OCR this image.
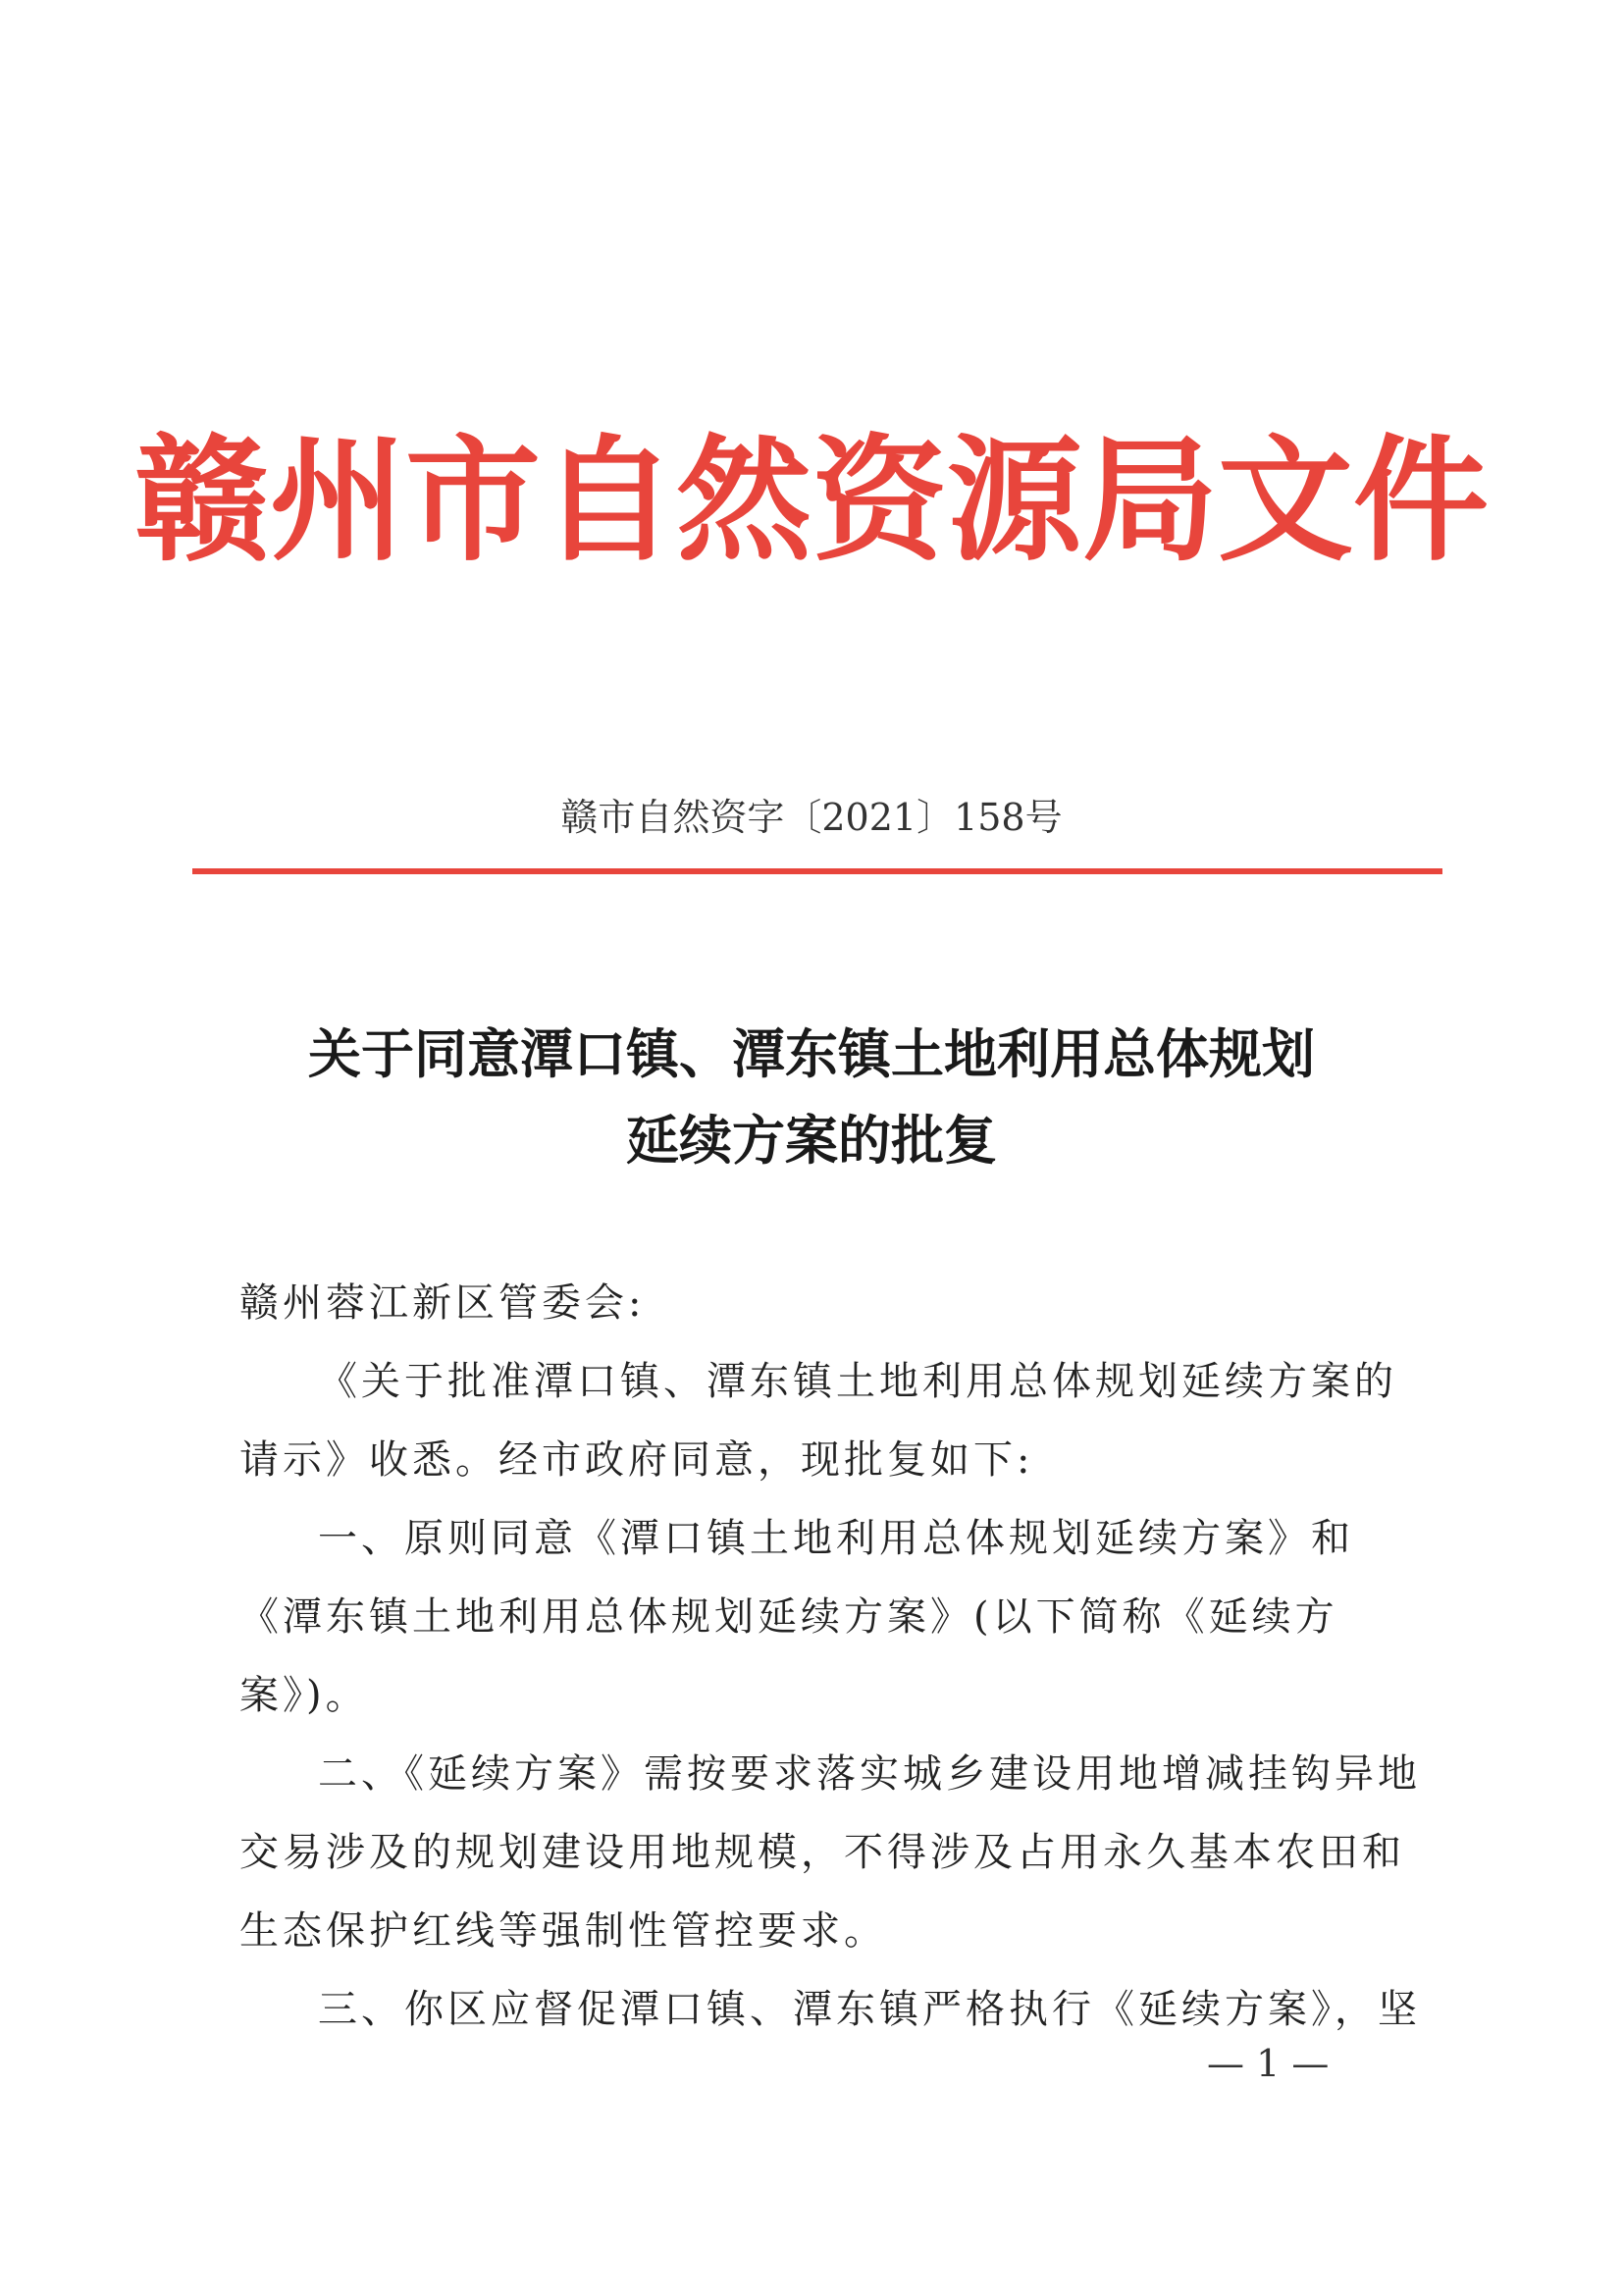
赣州市自然资源局文件
赣市自然资字〔2021〕158号
关于同意潭口镇、潭东镇土地利用总体规划
延续方案的批复

赣州蓉江新区管委会:

《关于批准潭口镇、潭东镇土地利用总体规划延续方案的请示》收悉。经市政府同意，现批复如下:

一、原则同意《潭口镇土地利用总体规划延续方案》和《潭东镇土地利用总体规划延续方案》(以下简称《延续方案》)。

二、《延续方案》需按要求落实城乡建设用地增减挂钩异地交易涉及的规划建设用地规模，不得涉及占用永久基本农田和生态保护红线等强制性管控要求。

三、你区应督促潭口镇、潭东镇严格执行《延续方案》，坚

— 1 —
